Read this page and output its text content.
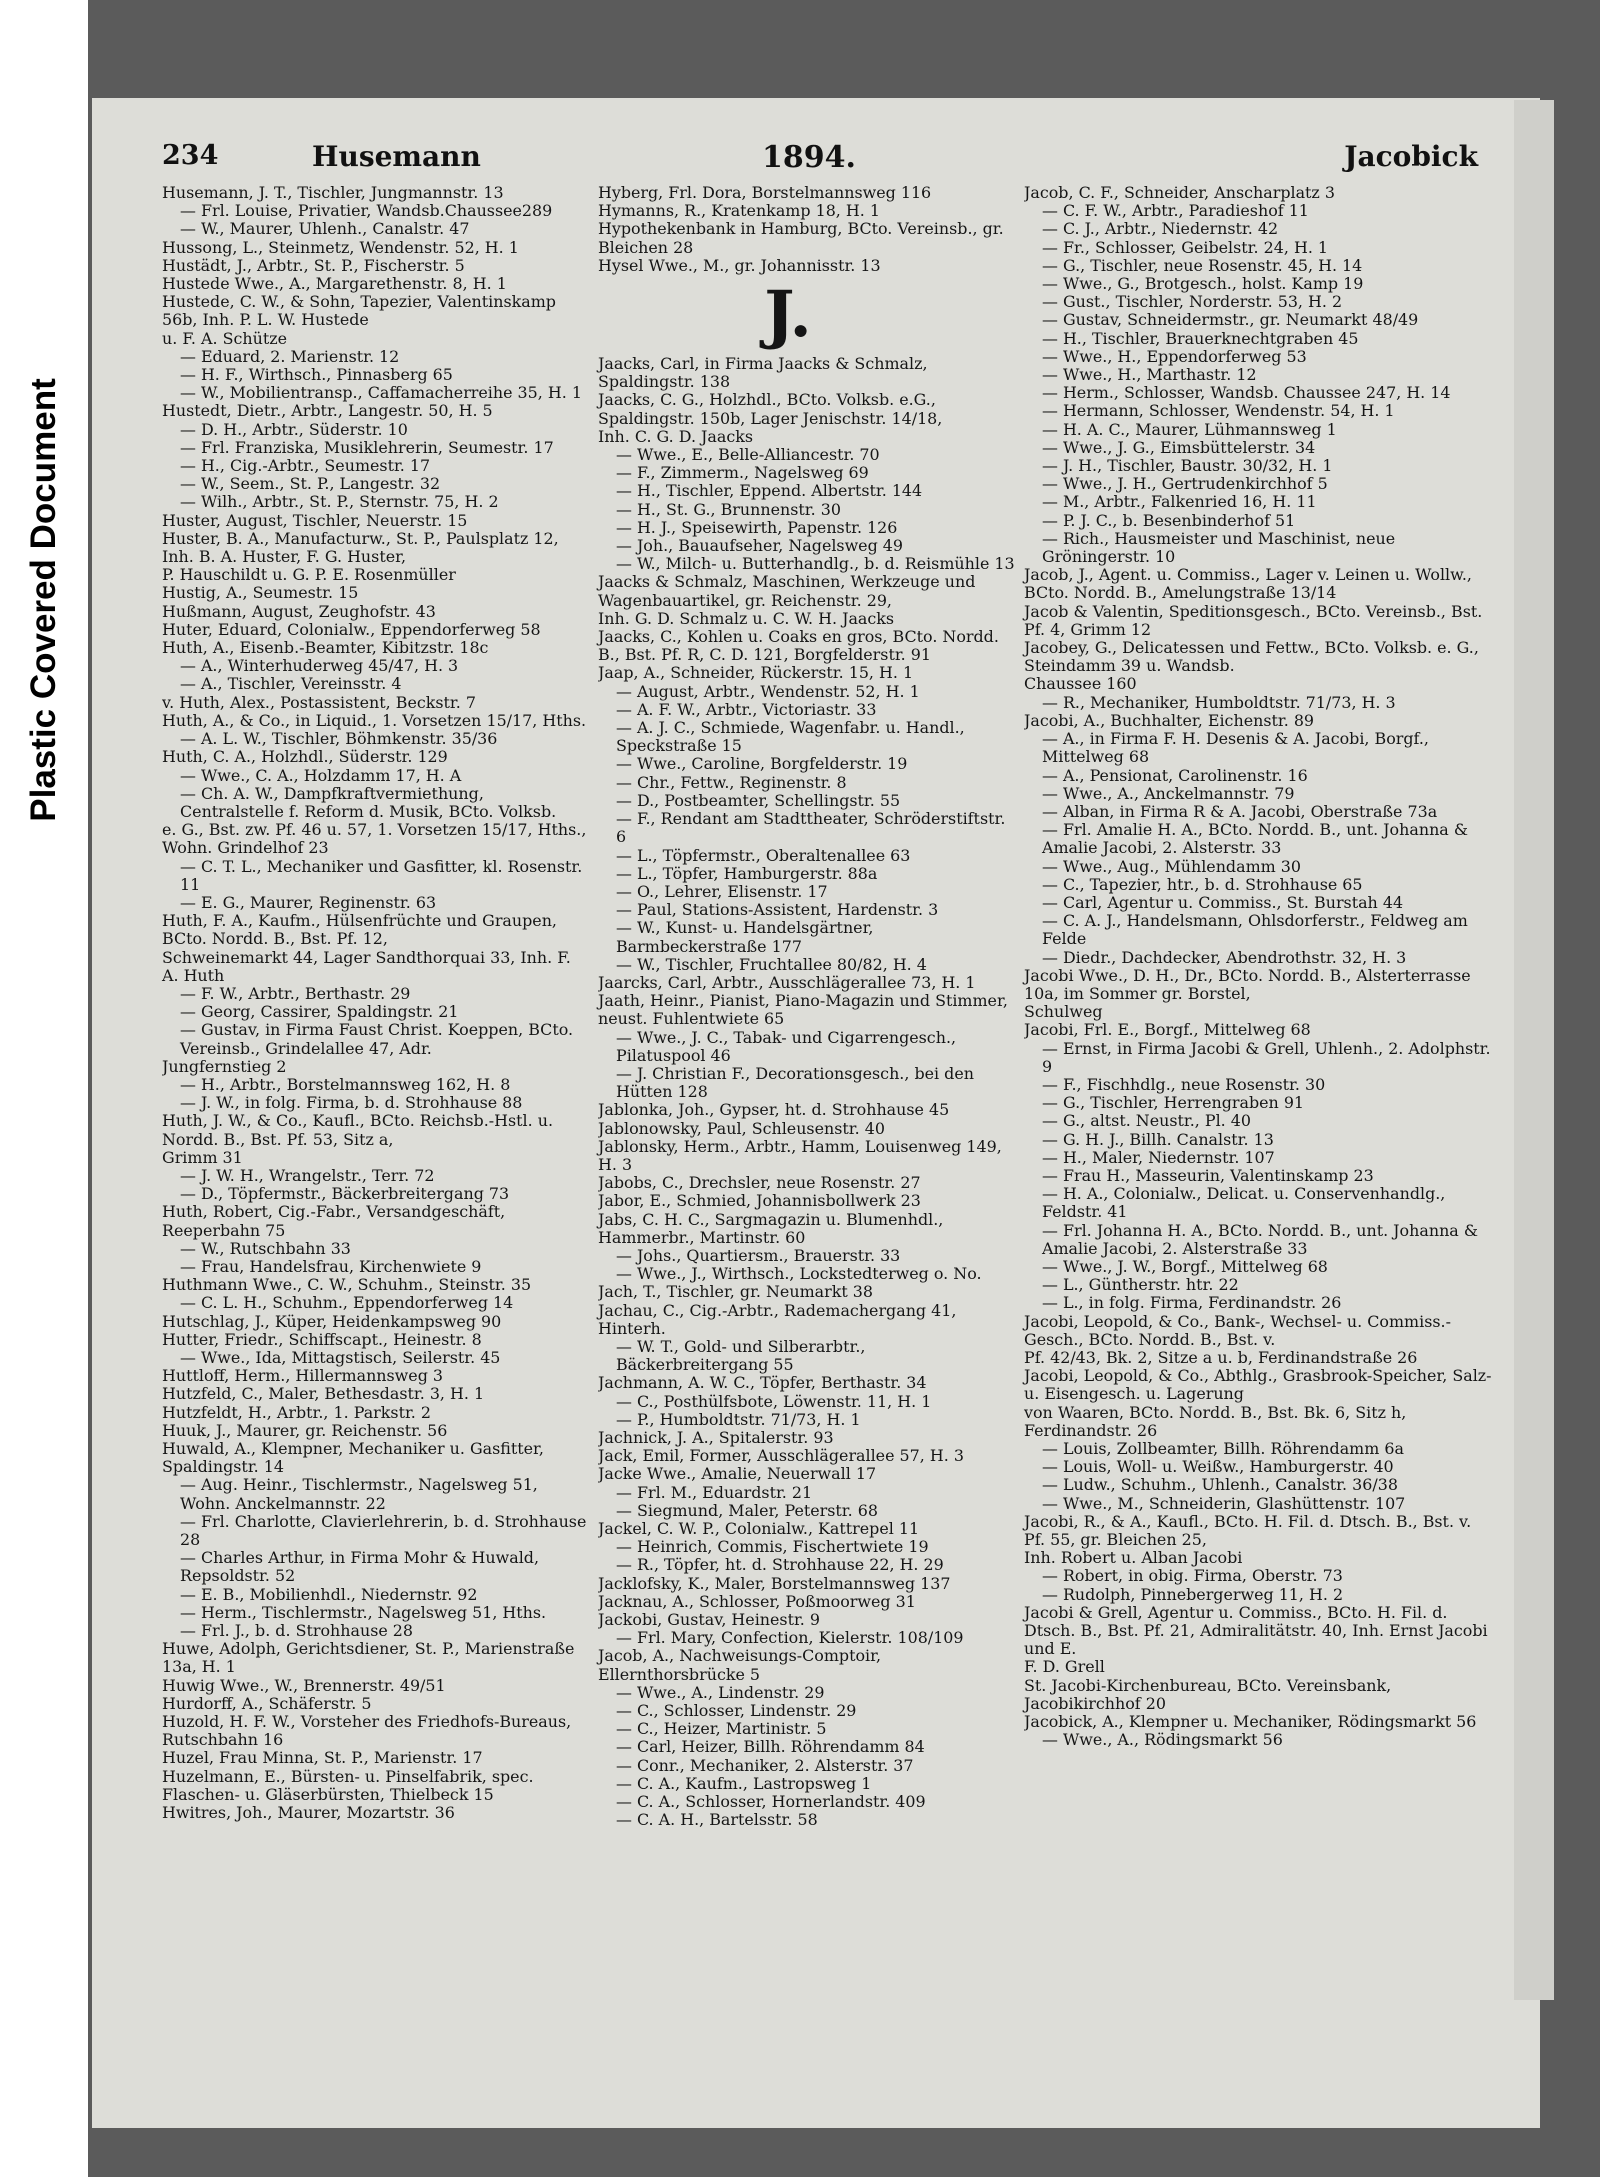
Plastic Covered Document
234	Husemann	1894.	Jacobick
Husemann, J. T., Tischler, Jungmannstr. 13
— Frl. Louise, Privatier, Wandsb.Chaussee289
— W., Maurer, Uhlenh., Canalstr. 47
Hussong, L., Steinmetz, Wendenstr. 52, H. 1
Hustädt, J., Arbtr., St. P., Fischerstr. 5
Hustede Wwe., A., Margarethenstr. 8, H. 1
Hustede, C. W., & Sohn, Tapezier, Valentinskamp 56b, Inh. P. L. W. Hustede
u. F. A. Schütze
— Eduard, 2. Marienstr. 12
— H. F., Wirthsch., Pinnasberg 65
— W., Mobilientransp., Caffamacherreihe 35, H. 1
Hustedt, Dietr., Arbtr., Langestr. 50, H. 5
— D. H., Arbtr., Süderstr. 10
— Frl. Franziska, Musiklehrerin, Seumestr. 17
— H., Cig.-Arbtr., Seumestr. 17
— W., Seem., St. P., Langestr. 32
— Wilh., Arbtr., St. P., Sternstr. 75, H. 2
Huster, August, Tischler, Neuerstr. 15
Huster, B. A., Manufacturw., St. P., Paulsplatz 12, Inh. B. A. Huster, F. G. Huster,
P. Hauschildt u. G. P. E. Rosenmüller
Hustig, A., Seumestr. 15
Hußmann, August, Zeughofstr. 43
Huter, Eduard, Colonialw., Eppendorferweg 58
Huth, A., Eisenb.-Beamter, Kibitzstr. 18c
— A., Winterhuderweg 45/47, H. 3
— A., Tischler, Vereinsstr. 4
v. Huth, Alex., Postassistent, Beckstr. 7
Huth, A., & Co., in Liquid., 1. Vorsetzen 15/17, Hths.
— A. L. W., Tischler, Böhmkenstr. 35/36
Huth, C. A., Holzhdl., Süderstr. 129
— Wwe., C. A., Holzdamm 17, H. A
— Ch. A. W., Dampfkraftvermiethung, Centralstelle f. Reform d. Musik, BCto. Volksb.
e. G., Bst. zw. Pf. 46 u. 57, 1. Vorsetzen 15/17, Hths., Wohn. Grindelhof 23
— C. T. L., Mechaniker und Gasfitter, kl. Rosenstr. 11
— E. G., Maurer, Reginenstr. 63
Huth, F. A., Kaufm., Hülsenfrüchte und Graupen, BCto. Nordd. B., Bst. Pf. 12,
Schweinemarkt 44, Lager Sandthorquai 33, Inh. F. A. Huth
— F. W., Arbtr., Berthastr. 29
— Georg, Cassirer, Spaldingstr. 21
— Gustav, in Firma Faust Christ. Koeppen, BCto. Vereinsb., Grindelallee 47, Adr.
Jungfernstieg 2
— H., Arbtr., Borstelmannsweg 162, H. 8
— J. W., in folg. Firma, b. d. Strohhause 88
Huth, J. W., & Co., Kaufl., BCto. Reichsb.-Hstl. u. Nordd. B., Bst. Pf. 53, Sitz a,
Grimm 31
— J. W. H., Wrangelstr., Terr. 72
— D., Töpfermstr., Bäckerbreitergang 73
Huth, Robert, Cig.-Fabr., Versandgeschäft, Reeperbahn 75
— W., Rutschbahn 33
— Frau, Handelsfrau, Kirchenwiete 9
Huthmann Wwe., C. W., Schuhm., Steinstr. 35
— C. L. H., Schuhm., Eppendorferweg 14
Hutschlag, J., Küper, Heidenkampsweg 90
Hutter, Friedr., Schiffscapt., Heinestr. 8
— Wwe., Ida, Mittagstisch, Seilerstr. 45
Huttloff, Herm., Hillermannsweg 3
Hutzfeld, C., Maler, Bethesdastr. 3, H. 1
Hutzfeldt, H., Arbtr., 1. Parkstr. 2
Huuk, J., Maurer, gr. Reichenstr. 56
Huwald, A., Klempner, Mechaniker u. Gasfitter, Spaldingstr. 14
— Aug. Heinr., Tischlermstr., Nagelsweg 51, Wohn. Anckelmannstr. 22
— Frl. Charlotte, Clavierlehrerin, b. d. Strohhause 28
— Charles Arthur, in Firma Mohr & Huwald, Repsoldstr. 52
— E. B., Mobilienhdl., Niedernstr. 92
— Herm., Tischlermstr., Nagelsweg 51, Hths.
— Frl. J., b. d. Strohhause 28
Huwe, Adolph, Gerichtsdiener, St. P., Marienstraße 13a, H. 1
Huwig Wwe., W., Brennerstr. 49/51
Hurdorff, A., Schäferstr. 5
Huzold, H. F. W., Vorsteher des Friedhofs-Bureaus, Rutschbahn 16
Huzel, Frau Minna, St. P., Marienstr. 17
Huzelmann, E., Bürsten- u. Pinselfabrik, spec. Flaschen- u. Gläserbürsten, Thielbeck 15
Hwitres, Joh., Maurer, Mozartstr. 36
Hyberg, Frl. Dora, Borstelmannsweg 116
Hymanns, R., Kratenkamp 18, H. 1
Hypothekenbank in Hamburg, BCto. Vereinsb., gr. Bleichen 28
Hysel Wwe., M., gr. Johannisstr. 13
J.
Jaacks, Carl, in Firma Jaacks & Schmalz, Spaldingstr. 138
Jaacks, C. G., Holzhdl., BCto. Volksb. e.G., Spaldingstr. 150b, Lager Jenischstr. 14/18,
Inh. C. G. D. Jaacks
— Wwe., E., Belle-Alliancestr. 70
— F., Zimmerm., Nagelsweg 69
— H., Tischler, Eppend. Albertstr. 144
— H., St. G., Brunnenstr. 30
— H. J., Speisewirth, Papenstr. 126
— Joh., Bauaufseher, Nagelsweg 49
— W., Milch- u. Butterhandlg., b. d. Reismühle 13
Jaacks & Schmalz, Maschinen, Werkzeuge und Wagenbauartikel, gr. Reichenstr. 29,
Inh. G. D. Schmalz u. C. W. H. Jaacks
Jaacks, C., Kohlen u. Coaks en gros, BCto. Nordd. B., Bst. Pf. R, C. D. 121, Borgfelderstr. 91
Jaap, A., Schneider, Rückerstr. 15, H. 1
— August, Arbtr., Wendenstr. 52, H. 1
— A. F. W., Arbtr., Victoriastr. 33
— A. J. C., Schmiede, Wagenfabr. u. Handl., Speckstraße 15
— Wwe., Caroline, Borgfelderstr. 19
— Chr., Fettw., Reginenstr. 8
— D., Postbeamter, Schellingstr. 55
— F., Rendant am Stadttheater, Schröderstiftstr. 6
— L., Töpfermstr., Oberaltenallee 63
— L., Töpfer, Hamburgerstr. 88a
— O., Lehrer, Elisenstr. 17
— Paul, Stations-Assistent, Hardenstr. 3
— W., Kunst- u. Handelsgärtner, Barmbeckerstraße 177
— W., Tischler, Fruchtallee 80/82, H. 4
Jaarcks, Carl, Arbtr., Ausschlägerallee 73, H. 1
Jaath, Heinr., Pianist, Piano-Magazin und Stimmer, neust. Fuhlentwiete 65
— Wwe., J. C., Tabak- und Cigarrengesch., Pilatuspool 46
— J. Christian F., Decorationsgesch., bei den Hütten 128
Jablonka, Joh., Gypser, ht. d. Strohhause 45
Jablonowsky, Paul, Schleusenstr. 40
Jablonsky, Herm., Arbtr., Hamm, Louisenweg 149, H. 3
Jabobs, C., Drechsler, neue Rosenstr. 27
Jabor, E., Schmied, Johannisbollwerk 23
Jabs, C. H. C., Sargmagazin u. Blumenhdl., Hammerbr., Martinstr. 60
— Johs., Quartiersm., Brauerstr. 33
— Wwe., J., Wirthsch., Lockstedterweg o. No.
Jach, T., Tischler, gr. Neumarkt 38
Jachau, C., Cig.-Arbtr., Rademachergang 41, Hinterh.
— W. T., Gold- und Silberarbtr., Bäckerbreitergang 55
Jachmann, A. W. C., Töpfer, Berthastr. 34
— C., Posthülfsbote, Löwenstr. 11, H. 1
— P., Humboldtstr. 71/73, H. 1
Jachnick, J. A., Spitalerstr. 93
Jack, Emil, Former, Ausschlägerallee 57, H. 3
Jacke Wwe., Amalie, Neuerwall 17
— Frl. M., Eduardstr. 21
— Siegmund, Maler, Peterstr. 68
Jackel, C. W. P., Colonialw., Kattrepel 11
— Heinrich, Commis, Fischertwiete 19
— R., Töpfer, ht. d. Strohhause 22, H. 29
Jacklofsky, K., Maler, Borstelmannsweg 137
Jacknau, A., Schlosser, Poßmoorweg 31
Jackobi, Gustav, Heinestr. 9
— Frl. Mary, Confection, Kielerstr. 108/109
Jacob, A., Nachweisungs-Comptoir, Ellernthorsbrücke 5
— Wwe., A., Lindenstr. 29
— C., Schlosser, Lindenstr. 29
— C., Heizer, Martinistr. 5
— Carl, Heizer, Billh. Röhrendamm 84
— Conr., Mechaniker, 2. Alsterstr. 37
— C. A., Kaufm., Lastropsweg 1
— C. A., Schlosser, Hornerlandstr. 409
— C. A. H., Bartelsstr. 58
Jacob, C. F., Schneider, Anscharplatz 3
— C. F. W., Arbtr., Paradieshof 11
— C. J., Arbtr., Niedernstr. 42
— Fr., Schlosser, Geibelstr. 24, H. 1
— G., Tischler, neue Rosenstr. 45, H. 14
— Wwe., G., Brotgesch., holst. Kamp 19
— Gust., Tischler, Norderstr. 53, H. 2
— Gustav, Schneidermstr., gr. Neumarkt 48/49
— H., Tischler, Brauerknechtgraben 45
— Wwe., H., Eppendorferweg 53
— Wwe., H., Marthastr. 12
— Herm., Schlosser, Wandsb. Chaussee 247, H. 14
— Hermann, Schlosser, Wendenstr. 54, H. 1
— H. A. C., Maurer, Lühmannsweg 1
— Wwe., J. G., Eimsbüttelerstr. 34
— J. H., Tischler, Baustr. 30/32, H. 1
— Wwe., J. H., Gertrudenkirchhof 5
— M., Arbtr., Falkenried 16, H. 11
— P. J. C., b. Besenbinderhof 51
— Rich., Hausmeister und Maschinist, neue Gröningerstr. 10
Jacob, J., Agent. u. Commiss., Lager v. Leinen u. Wollw., BCto. Nordd. B., Amelungstraße 13/14
Jacob & Valentin, Speditionsgesch., BCto. Vereinsb., Bst. Pf. 4, Grimm 12
Jacobey, G., Delicatessen und Fettw., BCto. Volksb. e. G., Steindamm 39 u. Wandsb.
Chaussee 160
— R., Mechaniker, Humboldtstr. 71/73, H. 3
Jacobi, A., Buchhalter, Eichenstr. 89
— A., in Firma F. H. Desenis & A. Jacobi, Borgf., Mittelweg 68
— A., Pensionat, Carolinenstr. 16
— Wwe., A., Anckelmannstr. 79
— Alban, in Firma R & A. Jacobi, Oberstraße 73a
— Frl. Amalie H. A., BCto. Nordd. B., unt. Johanna & Amalie Jacobi, 2. Alsterstr. 33
— Wwe., Aug., Mühlendamm 30
— C., Tapezier, htr., b. d. Strohhause 65
— Carl, Agentur u. Commiss., St. Burstah 44
— C. A. J., Handelsmann, Ohlsdorferstr., Feldweg am Felde
— Diedr., Dachdecker, Abendrothstr. 32, H. 3
Jacobi Wwe., D. H., Dr., BCto. Nordd. B., Alsterterrasse 10a, im Sommer gr. Borstel,
Schulweg
Jacobi, Frl. E., Borgf., Mittelweg 68
— Ernst, in Firma Jacobi & Grell, Uhlenh., 2. Adolphstr. 9
— F., Fischhdlg., neue Rosenstr. 30
— G., Tischler, Herrengraben 91
— G., altst. Neustr., Pl. 40
— G. H. J., Billh. Canalstr. 13
— H., Maler, Niedernstr. 107
— Frau H., Masseurin, Valentinskamp 23
— H. A., Colonialw., Delicat. u. Conservenhandlg., Feldstr. 41
— Frl. Johanna H. A., BCto. Nordd. B., unt. Johanna & Amalie Jacobi, 2. Alsterstraße 33
— Wwe., J. W., Borgf., Mittelweg 68
— L., Güntherstr. htr. 22
— L., in folg. Firma, Ferdinandstr. 26
Jacobi, Leopold, & Co., Bank-, Wechsel- u. Commiss.-Gesch., BCto. Nordd. B., Bst. v.
Pf. 42/43, Bk. 2, Sitze a u. b, Ferdinandstraße 26
Jacobi, Leopold, & Co., Abthlg., Grasbrook-Speicher, Salz- u. Eisengesch. u. Lagerung
von Waaren, BCto. Nordd. B., Bst. Bk. 6, Sitz h, Ferdinandstr. 26
— Louis, Zollbeamter, Billh. Röhrendamm 6a
— Louis, Woll- u. Weißw., Hamburgerstr. 40
— Ludw., Schuhm., Uhlenh., Canalstr. 36/38
— Wwe., M., Schneiderin, Glashüttenstr. 107
Jacobi, R., & A., Kaufl., BCto. H. Fil. d. Dtsch. B., Bst. v. Pf. 55, gr. Bleichen 25,
Inh. Robert u. Alban Jacobi
— Robert, in obig. Firma, Oberstr. 73
— Rudolph, Pinnebergerweg 11, H. 2
Jacobi & Grell, Agentur u. Commiss., BCto. H. Fil. d. Dtsch. B., Bst. Pf. 21, Admiralitätstr. 40, Inh. Ernst Jacobi und E.
F. D. Grell
St. Jacobi-Kirchenbureau, BCto. Vereinsbank, Jacobikirchhof 20
Jacobick, A., Klempner u. Mechaniker, Rödingsmarkt 56
— Wwe., A., Rödingsmarkt 56
